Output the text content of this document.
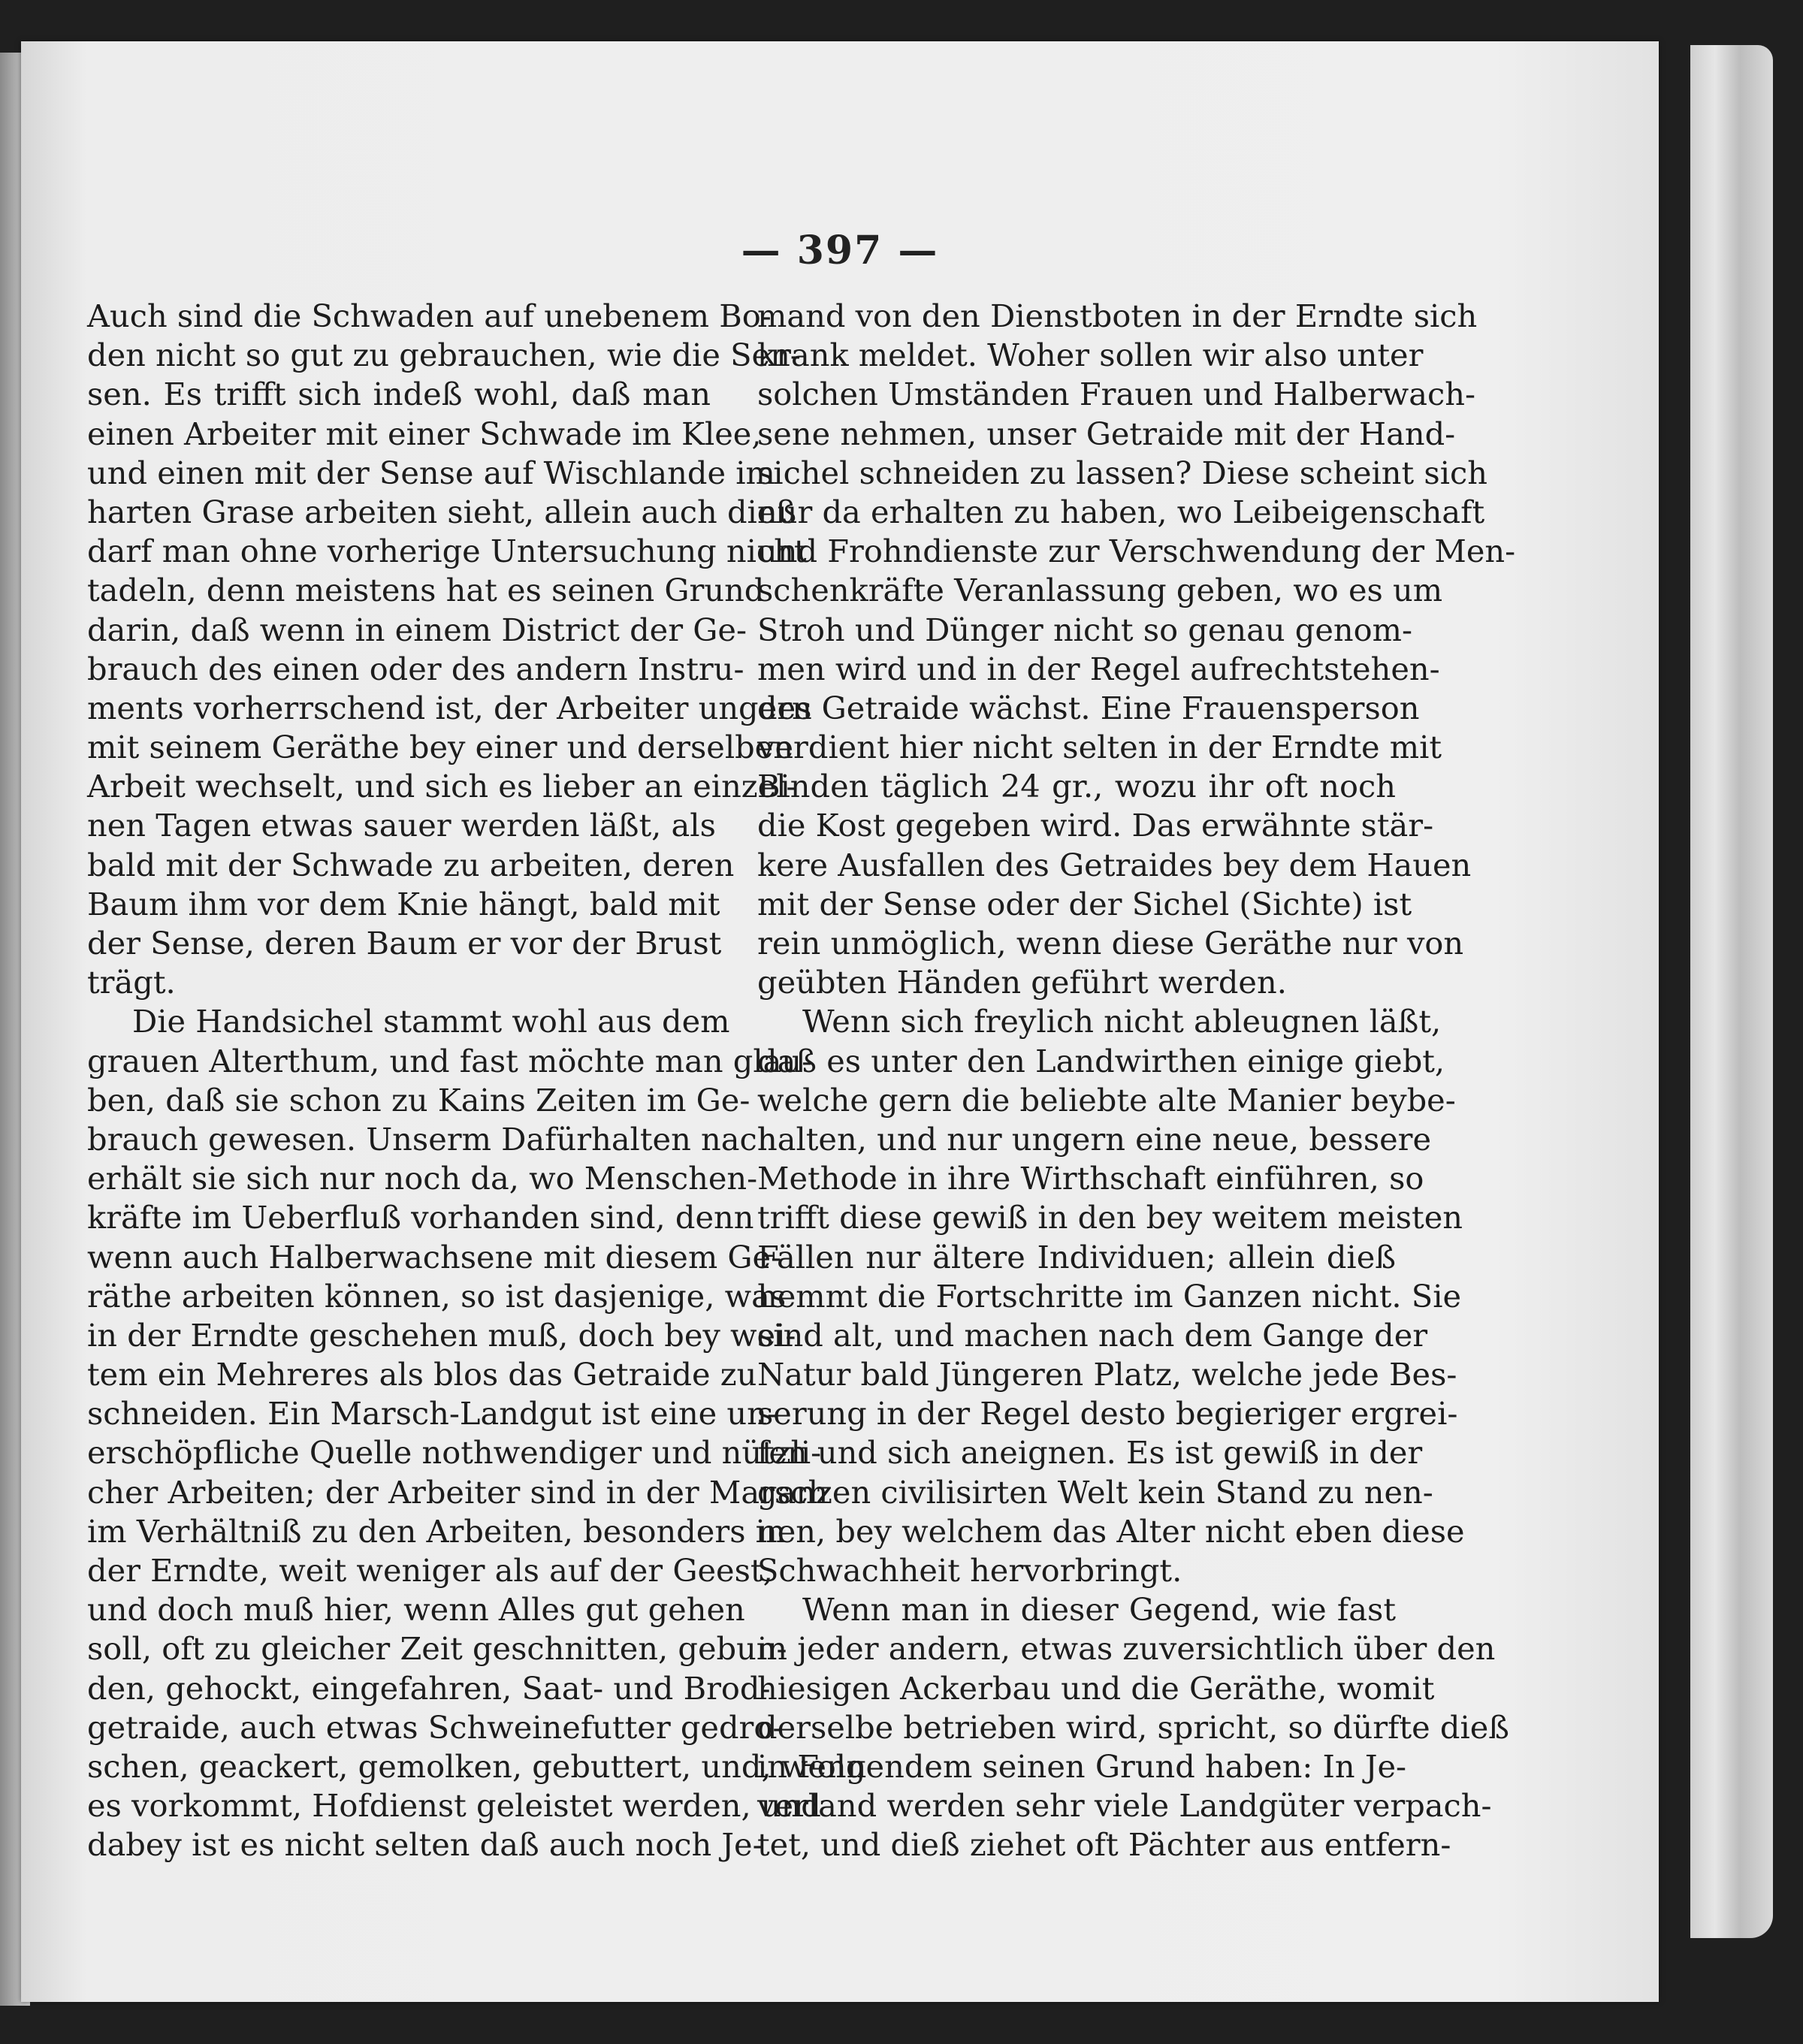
— 397 —
Auch sind die Schwaden auf unebenem Bo-
den nicht so gut zu gebrauchen, wie die Sen-
sen. Es trifft sich indeß wohl, daß man
einen Arbeiter mit einer Schwade im Klee,
und einen mit der Sense auf Wischlande im
harten Grase arbeiten sieht, allein auch dieß
darf man ohne vorherige Untersuchung nicht
tadeln, denn meistens hat es seinen Grund
darin, daß wenn in einem District der Ge-
brauch des einen oder des andern Instru-
ments vorherrschend ist, der Arbeiter ungern
mit seinem Geräthe bey einer und derselben
Arbeit wechselt, und sich es lieber an einzel-
nen Tagen etwas sauer werden läßt, als
bald mit der Schwade zu arbeiten, deren
Baum ihm vor dem Knie hängt, bald mit
der Sense, deren Baum er vor der Brust
trägt.
Die Handsichel stammt wohl aus dem
grauen Alterthum, und fast möchte man glau-
ben, daß sie schon zu Kains Zeiten im Ge-
brauch gewesen. Unserm Dafürhalten nach
erhält sie sich nur noch da, wo Menschen-
kräfte im Ueberfluß vorhanden sind, denn
wenn auch Halberwachsene mit diesem Ge-
räthe arbeiten können, so ist dasjenige, was
in der Erndte geschehen muß, doch bey wei-
tem ein Mehreres als blos das Getraide zu
schneiden. Ein Marsch-Landgut ist eine un-
erschöpfliche Quelle nothwendiger und nützli-
cher Arbeiten; der Arbeiter sind in der Marsch
im Verhältniß zu den Arbeiten, besonders in
der Erndte, weit weniger als auf der Geest,
und doch muß hier, wenn Alles gut gehen
soll, oft zu gleicher Zeit geschnitten, gebun-
den, gehockt, eingefahren, Saat- und Brod-
getraide, auch etwas Schweinefutter gedro-
schen, geackert, gemolken, gebuttert, und, wenn
es vorkommt, Hofdienst geleistet werden, und
dabey ist es nicht selten daß auch noch Je-
mand von den Dienstboten in der Erndte sich
krank meldet. Woher sollen wir also unter
solchen Umständen Frauen und Halberwach-
sene nehmen, unser Getraide mit der Hand-
sichel schneiden zu lassen? Diese scheint sich
nur da erhalten zu haben, wo Leibeigenschaft
und Frohndienste zur Verschwendung der Men-
schenkräfte Veranlassung geben, wo es um
Stroh und Dünger nicht so genau genom-
men wird und in der Regel aufrechtstehen-
des Getraide wächst. Eine Frauensperson
verdient hier nicht selten in der Erndte mit
Binden täglich 24 gr., wozu ihr oft noch
die Kost gegeben wird. Das erwähnte stär-
kere Ausfallen des Getraides bey dem Hauen
mit der Sense oder der Sichel (Sichte) ist
rein unmöglich, wenn diese Geräthe nur von
geübten Händen geführt werden.
Wenn sich freylich nicht ableugnen läßt,
daß es unter den Landwirthen einige giebt,
welche gern die beliebte alte Manier beybe-
halten, und nur ungern eine neue, bessere
Methode in ihre Wirthschaft einführen, so
trifft diese gewiß in den bey weitem meisten
Fällen nur ältere Individuen; allein dieß
hemmt die Fortschritte im Ganzen nicht. Sie
sind alt, und machen nach dem Gange der
Natur bald Jüngeren Platz, welche jede Bes-
serung in der Regel desto begieriger ergrei-
fen und sich aneignen. Es ist gewiß in der
ganzen civilisirten Welt kein Stand zu nen-
nen, bey welchem das Alter nicht eben diese
Schwachheit hervorbringt.
Wenn man in dieser Gegend, wie fast
in jeder andern, etwas zuversichtlich über den
hiesigen Ackerbau und die Geräthe, womit
derselbe betrieben wird, spricht, so dürfte dieß
in Folgendem seinen Grund haben: In Je-
verland werden sehr viele Landgüter verpach-
tet, und dieß ziehet oft Pächter aus entfern-
